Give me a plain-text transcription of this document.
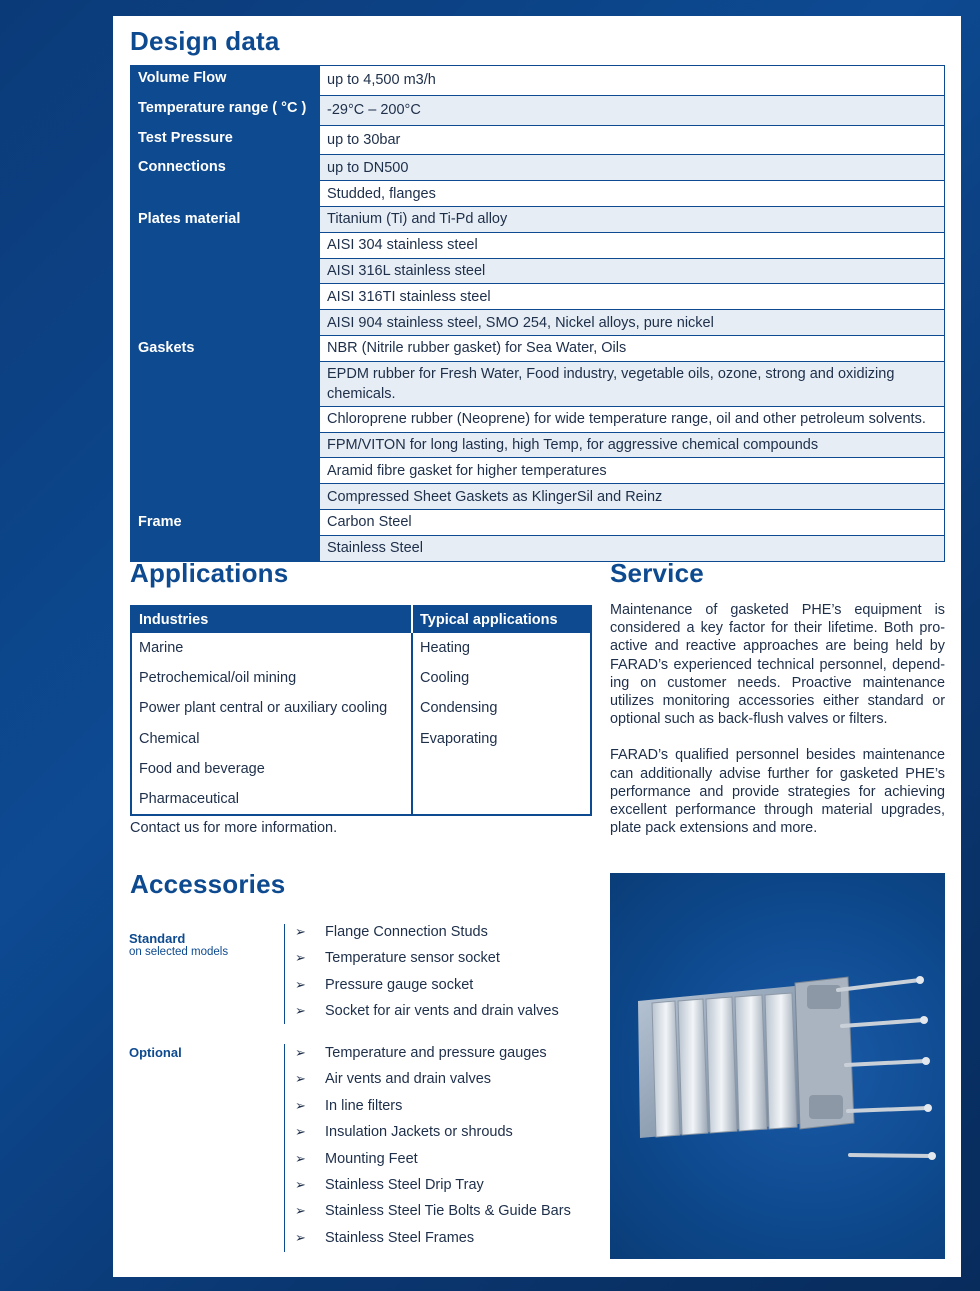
Design data
Volume Flow	up to 4,500 m3/h
Temperature range ( °C )	-29°C – 200°C
Test Pressure	up to 30bar
Connections	up to DN500
	Studded, flanges
Plates material	Titanium (Ti) and Ti-Pd alloy
	AISI 304 stainless steel
	AISI 316L stainless steel
	AISI 316TI stainless steel
	AISI 904 stainless steel, SMO 254, Nickel alloys, pure nickel
Gaskets	NBR (Nitrile rubber gasket) for Sea Water, Oils
	EPDM rubber for Fresh Water, Food industry, vegetable oils, ozone, strong and oxidizing chemicals.
	Chloroprene rubber (Neoprene) for wide temperature range, oil and other petroleum solvents.
	FPM/VITON for long lasting, high Temp, for aggressive chemical compounds
	Aramid fibre gasket for higher temperatures
	Compressed Sheet Gaskets as KlingerSil and Reinz
Frame	Carbon Steel
	Stainless Steel
Applications
Industries	Typical applications
Marine	Heating
Petrochemical/oil mining	Cooling
Power plant central or auxiliary cooling	Condensing
Chemical	Evaporating
Food and beverage	
Pharmaceutical	
Contact us for more information.
Service

Maintenance of gasketed PHE’s equipment is considered a key factor for their lifetime. Both pro-active and reactive approaches are being held by FARAD’s experienced technical personnel, depend-ing on customer needs. Proactive maintenance utilizes monitoring accessories either standard or optional such as back-flush valves or filters.

FARAD’s qualified personnel besides maintenance can additionally advise further for gasketed PHE’s performance and provide strategies for achieving excellent performance through material upgrades, plate pack extensions and more.

Accessories
Standard
on selected models
➢	Flange Connection Studs
➢	Temperature sensor socket
➢	Pressure gauge socket
➢	Socket for air vents and drain valves
Optional	➢	Temperature and pressure gauges
➢	Air vents and drain valves
➢	In line filters
➢	Insulation Jackets or shrouds
➢	Mounting Feet
➢	Stainless Steel Drip Tray
➢	Stainless Steel Tie Bolts & Guide Bars
➢	Stainless Steel Frames
